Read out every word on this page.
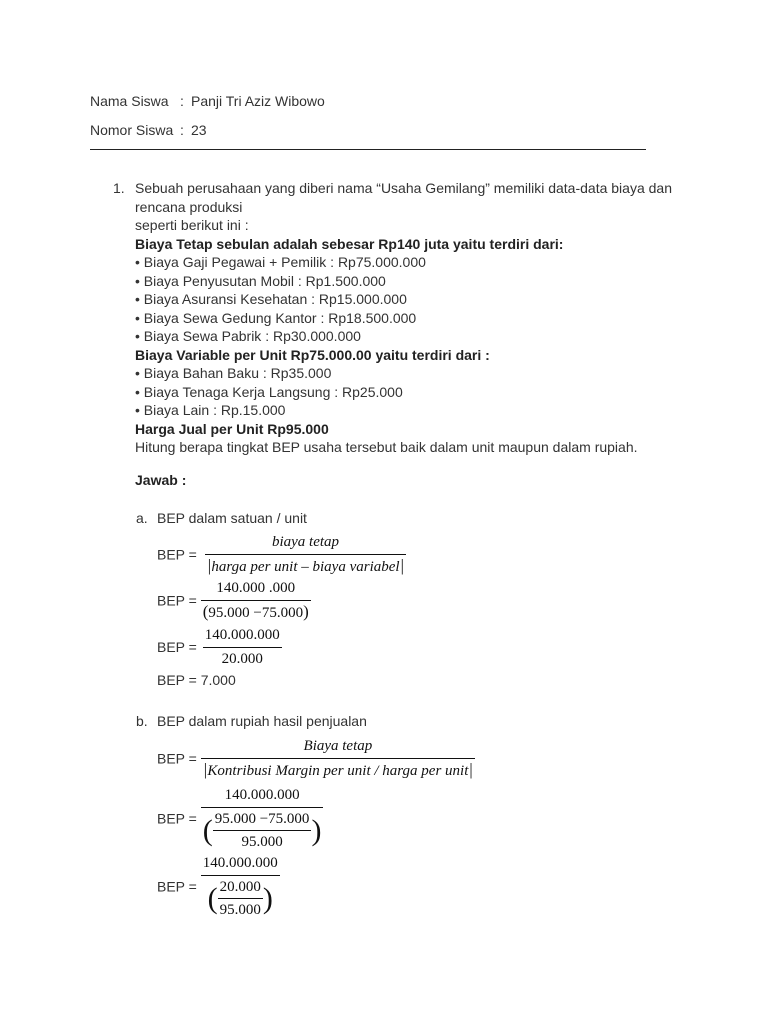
Nama Siswa : Panji Tri Aziz Wibowo
Nomor Siswa : 23
1. Sebuah perusahaan yang diberi nama “Usaha Gemilang” memiliki data-data biaya dan
rencana produksi
seperti berikut ini :
Biaya Tetap sebulan adalah sebesar Rp140 juta yaitu terdiri dari:
• Biaya Gaji Pegawai + Pemilik : Rp75.000.000
• Biaya Penyusutan Mobil : Rp1.500.000
• Biaya Asuransi Kesehatan : Rp15.000.000
• Biaya Sewa Gedung Kantor : Rp18.500.000
• Biaya Sewa Pabrik : Rp30.000.000
Biaya Variable per Unit Rp75.000.00 yaitu terdiri dari :
• Biaya Bahan Baku : Rp35.000
• Biaya Tenaga Kerja Langsung : Rp25.000
• Biaya Lain : Rp.15.000
Harga Jual per Unit Rp95.000
Hitung berapa tingkat BEP usaha tersebut baik dalam unit maupun dalam rupiah.
Jawab :
a. BEP dalam satuan / unit
BEP = $\frac{\text{biaya tetap}}{\text{|harga per unit – biaya variabel|}}$
BEP = $\frac{140.000 .000}{(95.000 -75.000)}$
BEP = $\frac{140.000.000}{20.000}$
BEP = 7.000
b. BEP dalam rupiah hasil penjualan
BEP = $\frac{\text{Biaya tetap}}{\text{|Kontribusi Margin per unit / harga per unit|}}$
BEP =
140.000.000
( $\frac{95.000 -75.000}{95.000}$ )
BEP = $\frac{140.000.000}{( \frac{20.000}{95.000} )}$
